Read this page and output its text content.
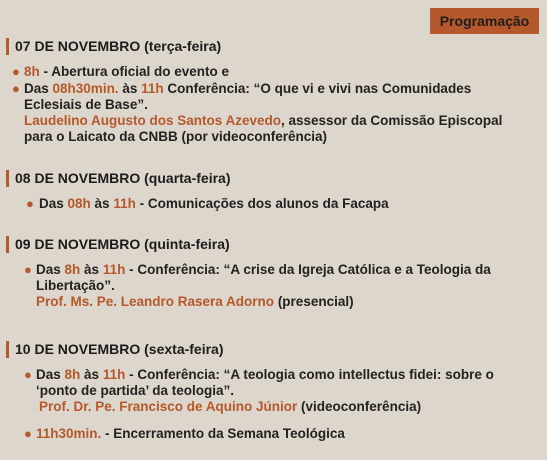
Programação
07 DE NOVEMBRO (terça-feira)
● 8h - Abertura oficial do evento e
● Das 08h30min. às 11h Conferência: “O que vi e vivi nas Comunidades
Eclesiais de Base”.
Laudelino Augusto dos Santos Azevedo, assessor da Comissão Episcopal
para o Laicato da CNBB (por videoconferência)
08 DE NOVEMBRO (quarta-feira)
● Das 08h às 11h - Comunicações dos alunos da Facapa
09 DE NOVEMBRO (quinta-feira)
● Das 8h às 11h - Conferência: “A crise da Igreja Católica e a Teologia da
Libertação”.
Prof. Ms. Pe. Leandro Rasera Adorno (presencial)
10 DE NOVEMBRO (sexta-feira)
● Das 8h às 11h - Conferência: “A teologia como intellectus fidei: sobre o
‘ponto de partida’ da teologia”.
Prof. Dr. Pe. Francisco de Aquino Júnior (videoconferência)
● 11h30min. - Encerramento da Semana Teológica
